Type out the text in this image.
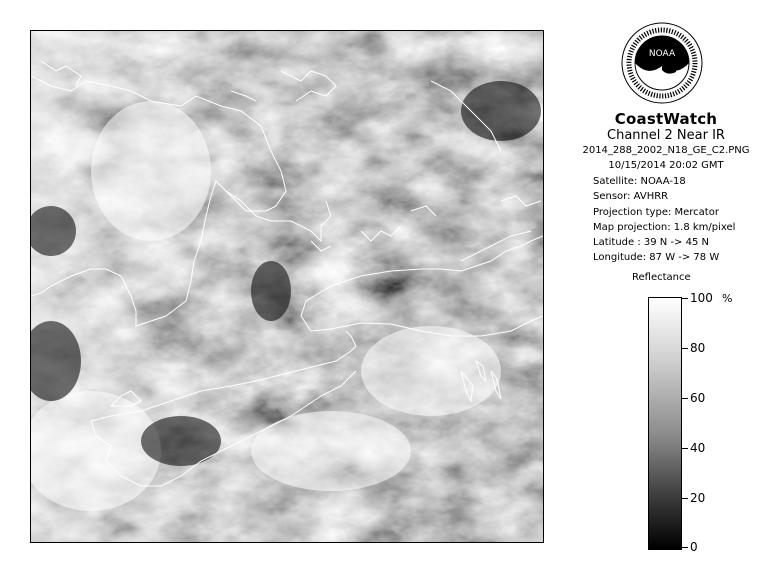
NOAA
CoastWatch
Channel 2 Near IR
2014_288_2002_N18_GE_C2.PNG
10/15/2014 20:02 GMT
Satellite: NOAA-18
Sensor: AVHRR
Projection type: Mercator
Map projection: 1.8 km/pixel
Latitude : 39 N -> 45 N
Longitude: 87 W -> 78 W
Reflectance
%
100
80
60
40
20
0
